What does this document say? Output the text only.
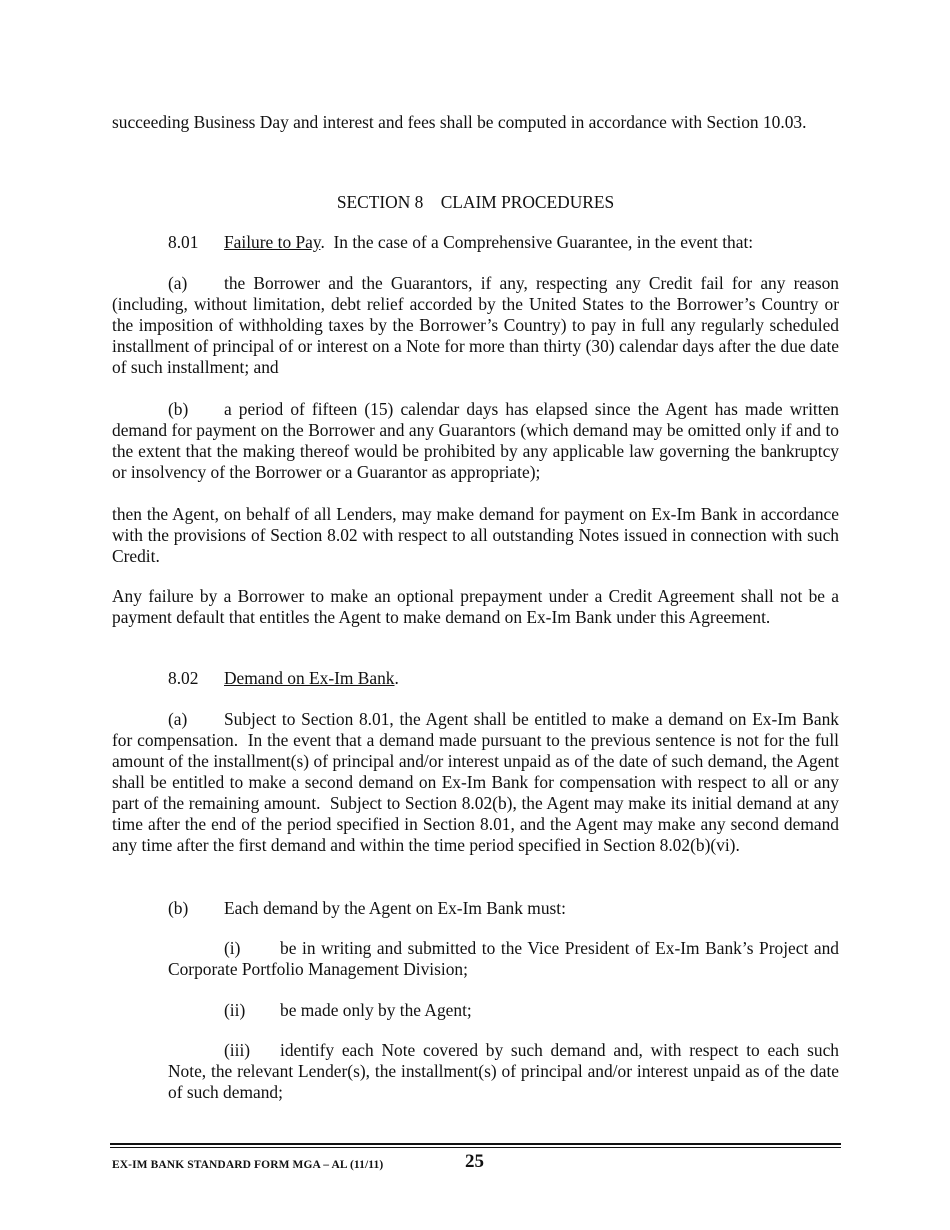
succeeding Business Day and interest and fees shall be computed in accordance with Section 10.03.

SECTION 8    CLAIM PROCEDURES

8.01 Failure to Pay.  In the case of a Comprehensive Guarantee, in the event that:

(a) the Borrower and the Guarantors, if any, respecting any Credit fail for any reason (including, without limitation, debt relief accorded by the United States to the Borrower’s Country or the imposition of withholding taxes by the Borrower’s Country) to pay in full any regularly scheduled installment of principal of or interest on a Note for more than thirty (30) calendar days after the due date of such installment; and

(b) a period of fifteen (15) calendar days has elapsed since the Agent has made written demand for payment on the Borrower and any Guarantors (which demand may be omitted only if and to the extent that the making thereof would be prohibited by any applicable law governing the bankruptcy or insolvency of the Borrower or a Guarantor as appropriate);

then the Agent, on behalf of all Lenders, may make demand for payment on Ex-Im Bank in accordance with the provisions of Section 8.02 with respect to all outstanding Notes issued in connection with such Credit.

Any failure by a Borrower to make an optional prepayment under a Credit Agreement shall not be a payment default that entitles the Agent to make demand on Ex-Im Bank under this Agreement.

8.02 Demand on Ex-Im Bank.

(a) Subject to Section 8.01, the Agent shall be entitled to make a demand on Ex-Im Bank for compensation.  In the event that a demand made pursuant to the previous sentence is not for the full amount of the installment(s) of principal and/or interest unpaid as of the date of such demand, the Agent shall be entitled to make a second demand on Ex-Im Bank for compensation with respect to all or any part of the remaining amount.  Subject to Section 8.02(b), the Agent may make its initial demand at any time after the end of the period specified in Section 8.01, and the Agent may make any second demand any time after the first demand and within the time period specified in Section 8.02(b)(vi).

(b) Each demand by the Agent on Ex-Im Bank must:

(i) be in writing and submitted to the Vice President of Ex-Im Bank’s Project and Corporate Portfolio Management Division;

(ii) be made only by the Agent;

(iii) identify each Note covered by such demand and, with respect to each such Note, the relevant Lender(s), the installment(s) of principal and/or interest unpaid as of the date of such demand;

EX-IM BANK STANDARD FORM MGA – AL (11/11)	25
